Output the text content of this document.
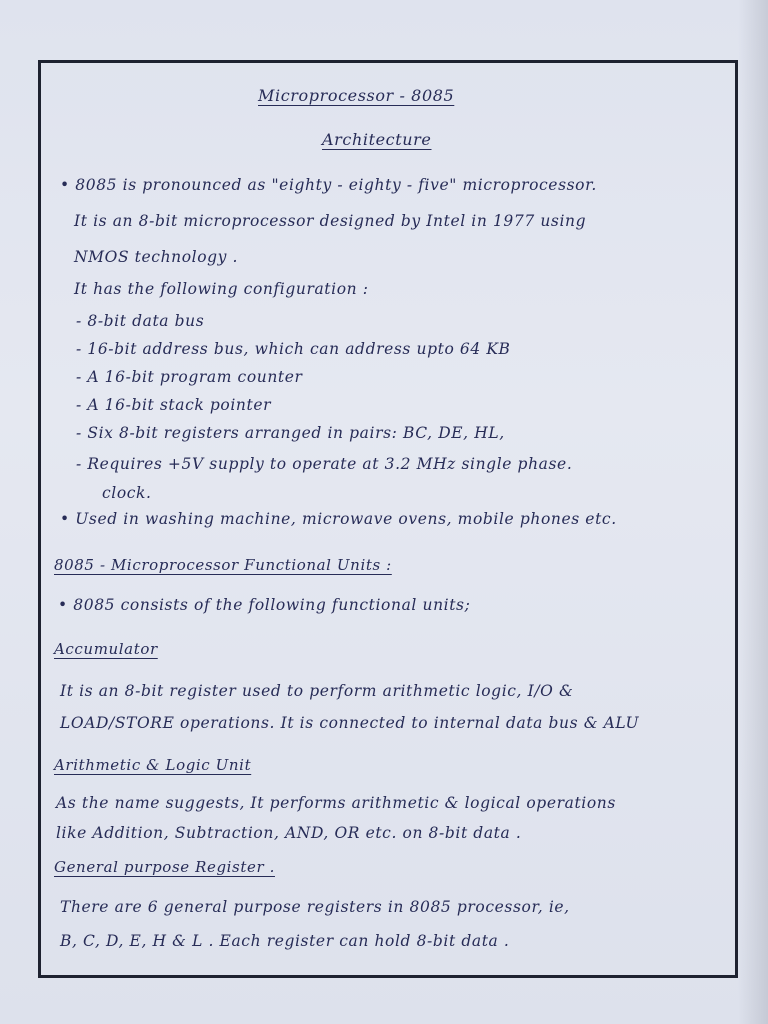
Microprocessor - 8085
Architecture
• 8085 is pronounced as "eighty - eighty - five" microprocessor.
It is an 8-bit microprocessor designed by Intel in 1977 using
NMOS technology .
It has the following configuration :
- 8-bit data bus
- 16-bit address bus, which can address upto 64 KB
- A 16-bit program counter
- A 16-bit stack pointer
- Six 8-bit registers arranged in pairs: BC, DE, HL,
- Requires +5V supply to operate at 3.2 MHz single phase.
clock.
• Used in washing machine, microwave ovens, mobile phones etc.
8085 - Microprocessor Functional Units :
• 8085 consists of the following functional units;
Accumulator
It is an 8-bit register used to perform arithmetic logic, I/O &
LOAD/STORE operations. It is connected to internal data bus & ALU
Arithmetic & Logic Unit
As the name suggests, It performs arithmetic & logical operations
like Addition, Subtraction, AND, OR etc. on 8-bit data .
General purpose Register .
There are 6 general purpose registers in 8085 processor, ie,
B, C, D, E, H & L . Each register can hold 8-bit data .
